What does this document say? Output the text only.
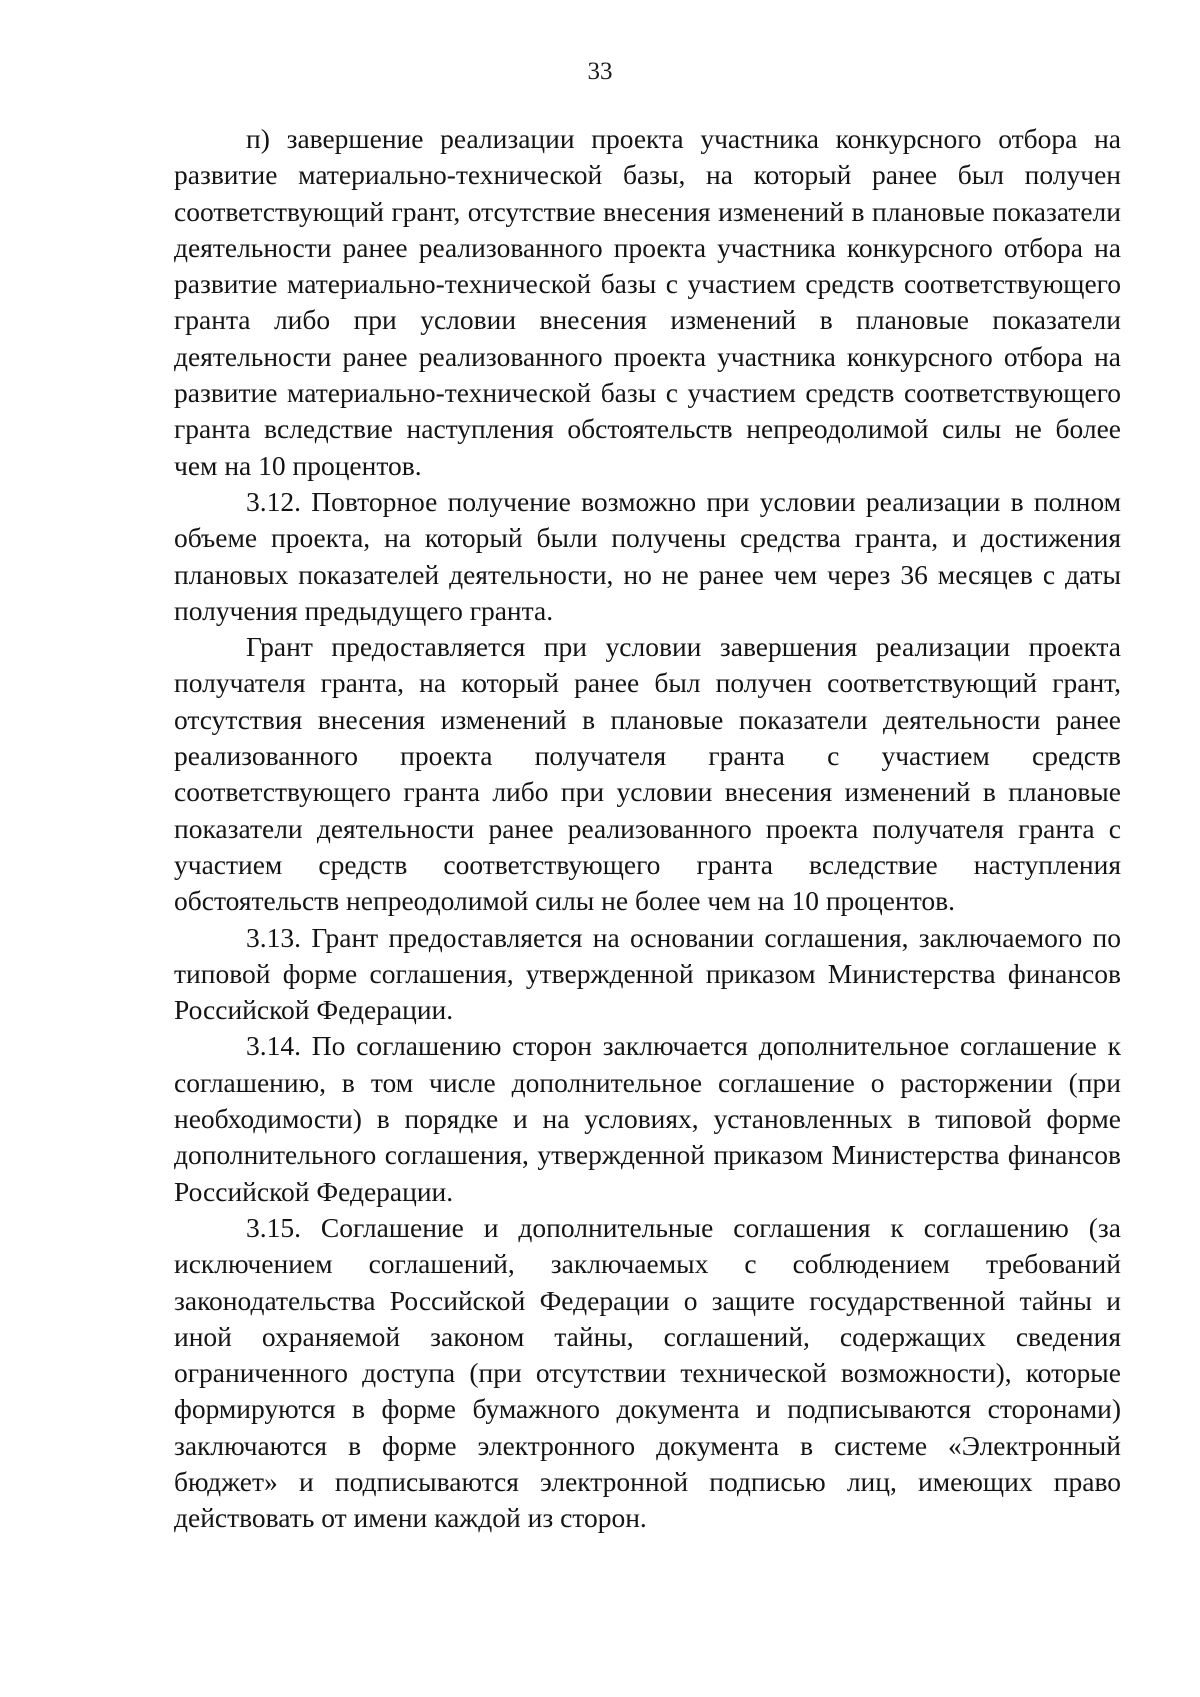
33

п) завершение реализации проекта участника конкурсного отбора на развитие материально-технической базы, на который ранее был получен соответствующий грант, отсутствие внесения изменений в плановые показатели деятельности ранее реализованного проекта участника конкурсного отбора на развитие материально-технической базы с участием средств соответствующего гранта либо при условии внесения изменений в плановые показатели деятельности ранее реализованного проекта участника конкурсного отбора на развитие материально-технической базы с участием средств соответствующего гранта вследствие наступления обстоятельств непреодолимой силы не более чем на 10 процентов.

3.12. Повторное получение возможно при условии реализации в полном объеме проекта, на который были получены средства гранта, и достижения плановых показателей деятельности, но не ранее чем через 36 месяцев с даты получения предыдущего гранта.

Грант предоставляется при условии завершения реализации проекта получателя гранта, на который ранее был получен соответствующий грант, отсутствия внесения изменений в плановые показатели деятельности ранее реализованного проекта получателя гранта с участием средств соответствующего гранта либо при условии внесения изменений в плановые показатели деятельности ранее реализованного проекта получателя гранта с участием средств соответствующего гранта вследствие наступления обстоятельств непреодолимой силы не более чем на 10 процентов.

3.13. Грант предоставляется на основании соглашения, заключаемого по типовой форме соглашения, утвержденной приказом Министерства финансов Российской Федерации.

3.14. По соглашению сторон заключается дополнительное соглашение к соглашению, в том числе дополнительное соглашение о расторжении (при необходимости) в порядке и на условиях, установленных в типовой форме дополнительного соглашения, утвержденной приказом Министерства финансов Российской Федерации.

3.15. Соглашение и дополнительные соглашения к соглашению (за исключением соглашений, заключаемых с соблюдением требований законодательства Российской Федерации о защите государственной тайны и иной охраняемой законом тайны, соглашений, содержащих сведения ограниченного доступа (при отсутствии технической возможности), которые формируются в форме бумажного документа и подписываются сторонами) заключаются в форме электронного документа в системе «Электронный бюджет» и подписываются электронной подписью лиц, имеющих право действовать от имени каждой из сторон.
